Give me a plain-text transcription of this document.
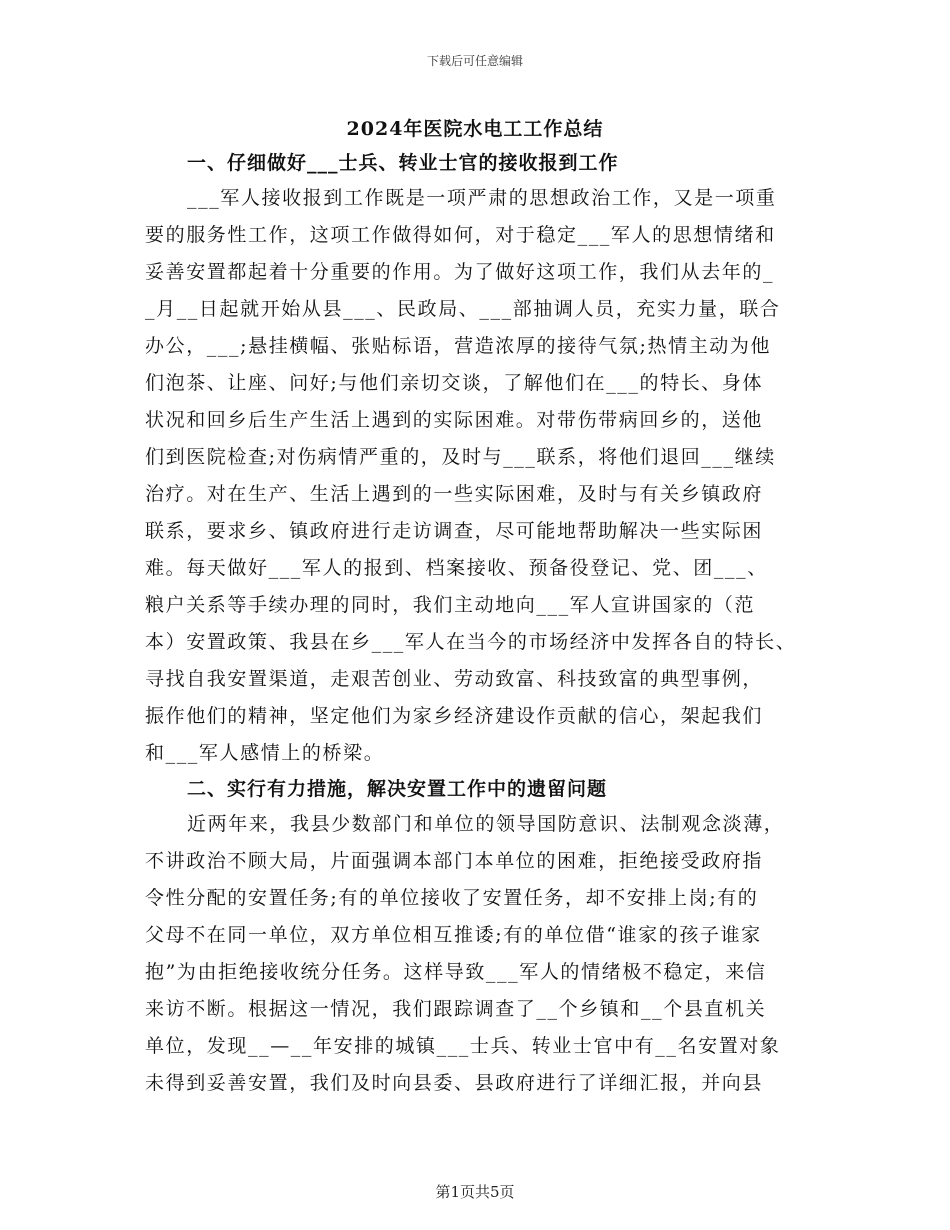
下载后可任意编辑
2024年医院水电工工作总结
一、仔细做好___士兵、转业士官的接收报到工作
___军人接收报到工作既是一项严肃的思想政治工作，又是一项重
要的服务性工作，这项工作做得如何，对于稳定___军人的思想情绪和
妥善安置都起着十分重要的作用。为了做好这项工作，我们从去年的_
_月__日起就开始从县___、民政局、___部抽调人员，充实力量，联合
办公，___;悬挂横幅、张贴标语，营造浓厚的接待气氛;热情主动为他
们泡茶、让座、问好;与他们亲切交谈，了解他们在___的特长、身体
状况和回乡后生产生活上遇到的实际困难。对带伤带病回乡的，送他
们到医院检查;对伤病情严重的，及时与___联系，将他们退回___继续
治疗。对在生产、生活上遇到的一些实际困难，及时与有关乡镇政府
联系，要求乡、镇政府进行走访调查，尽可能地帮助解决一些实际困
难。每天做好___军人的报到、档案接收、预备役登记、党、团___、
粮户关系等手续办理的同时，我们主动地向___军人宣讲国家的（范
本）安置政策、我县在乡___军人在当今的市场经济中发挥各自的特长、
寻找自我安置渠道，走艰苦创业、劳动致富、科技致富的典型事例，
振作他们的精神，坚定他们为家乡经济建设作贡献的信心，架起我们
和___军人感情上的桥梁。
二、实行有力措施，解决安置工作中的遗留问题
近两年来，我县少数部门和单位的领导国防意识、法制观念淡薄，
不讲政治不顾大局，片面强调本部门本单位的困难，拒绝接受政府指
令性分配的安置任务;有的单位接收了安置任务，却不安排上岗;有的
父母不在同一单位，双方单位相互推诿;有的单位借“谁家的孩子谁家
抱”为由拒绝接收统分任务。这样导致___军人的情绪极不稳定，来信
来访不断。根据这一情况，我们跟踪调查了__个乡镇和__个县直机关
单位，发现__—__年安排的城镇___士兵、转业士官中有__名安置对象
未得到妥善安置，我们及时向县委、县政府进行了详细汇报，并向县
第1页共5页
